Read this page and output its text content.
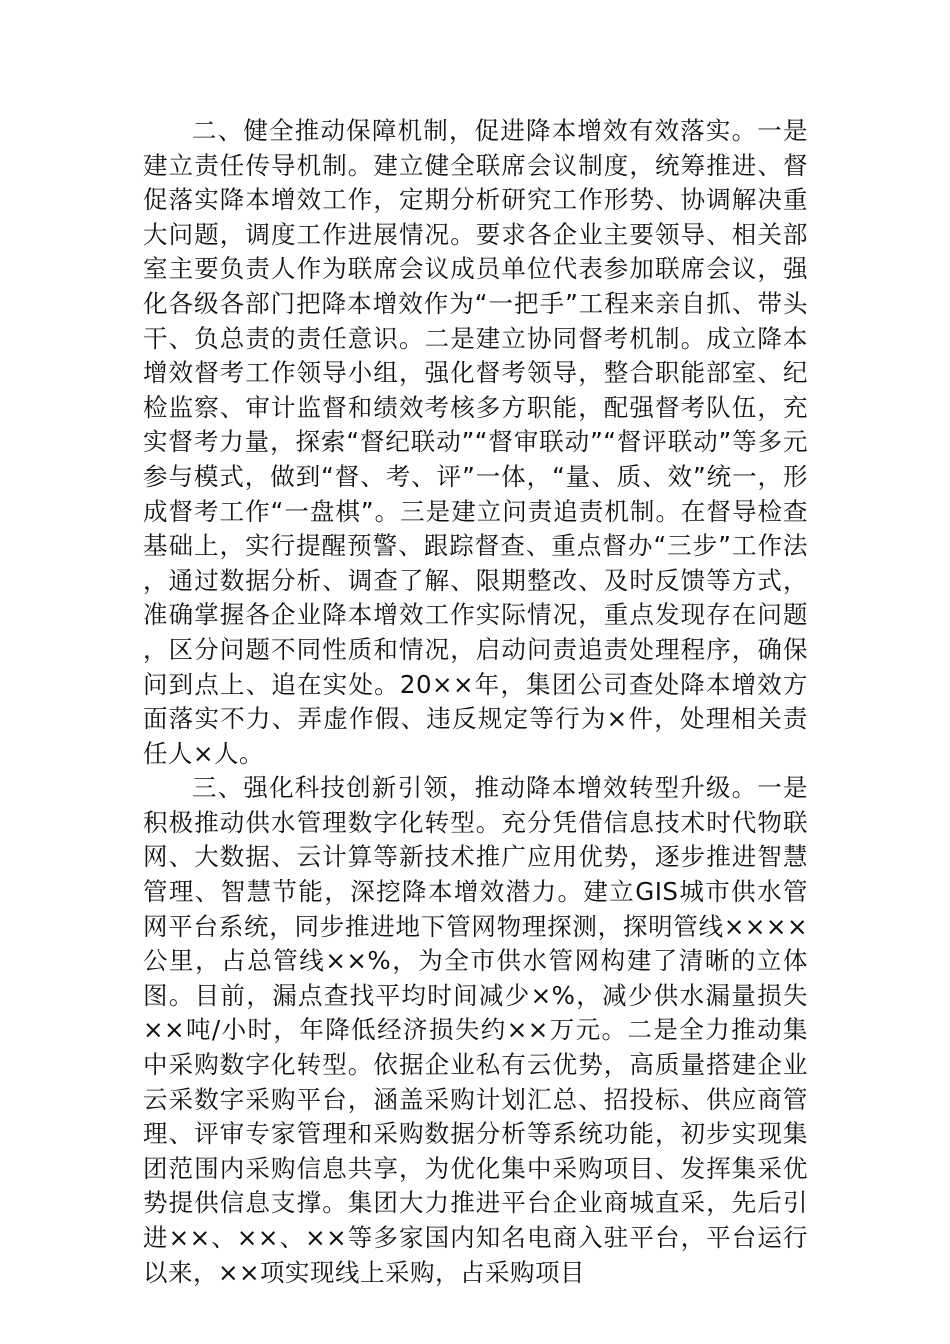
二、健全推动保障机制，促进降本增效有效落实。一是建立责任传导机制。建立健全联席会议制度，统筹推进、督促落实降本增效工作，定期分析研究工作形势、协调解决重大问题，调度工作进展情况。要求各企业主要领导、相关部室主要负责人作为联席会议成员单位代表参加联席会议，强化各级各部门把降本增效作为“一把手”工程来亲自抓、带头干、负总责的责任意识。二是建立协同督考机制。成立降本增效督考工作领导小组，强化督考领导，整合职能部室、纪检监察、审计监督和绩效考核多方职能，配强督考队伍，充实督考力量，探索“督纪联动”“督审联动”“督评联动”等多元参与模式，做到“督、考、评”一体，“量、质、效”统一，形成督考工作“一盘棋”。三是建立问责追责机制。在督导检查基础上，实行提醒预警、跟踪督查、重点督办“三步”工作法，通过数据分析、调查了解、限期整改、及时反馈等方式，准确掌握各企业降本增效工作实际情况，重点发现存在问题，区分问题不同性质和情况，启动问责追责处理程序，确保问到点上、追在实处。20××年，集团公司查处降本增效方面落实不力、弄虚作假、违反规定等行为×件，处理相关责任人×人。

三、强化科技创新引领，推动降本增效转型升级。一是积极推动供水管理数字化转型。充分凭借信息技术时代物联网、大数据、云计算等新技术推广应用优势，逐步推进智慧管理、智慧节能，深挖降本增效潜力。建立GIS城市供水管网平台系统，同步推进地下管网物理探测，探明管线××××公里，占总管线××%，为全市供水管网构建了清晰的立体图。目前，漏点查找平均时间减少×%，减少供水漏量损失××吨/小时，年降低经济损失约××万元。二是全力推动集中采购数字化转型。依据企业私有云优势，高质量搭建企业云采数字采购平台，涵盖采购计划汇总、招投标、供应商管理、评审专家管理和采购数据分析等系统功能，初步实现集团范围内采购信息共享，为优化集中采购项目、发挥集采优势提供信息支撑。集团大力推进平台企业商城直采，先后引进××、××、××等多家国内知名电商入驻平台，平台运行以来，××项实现线上采购，占采购项目
